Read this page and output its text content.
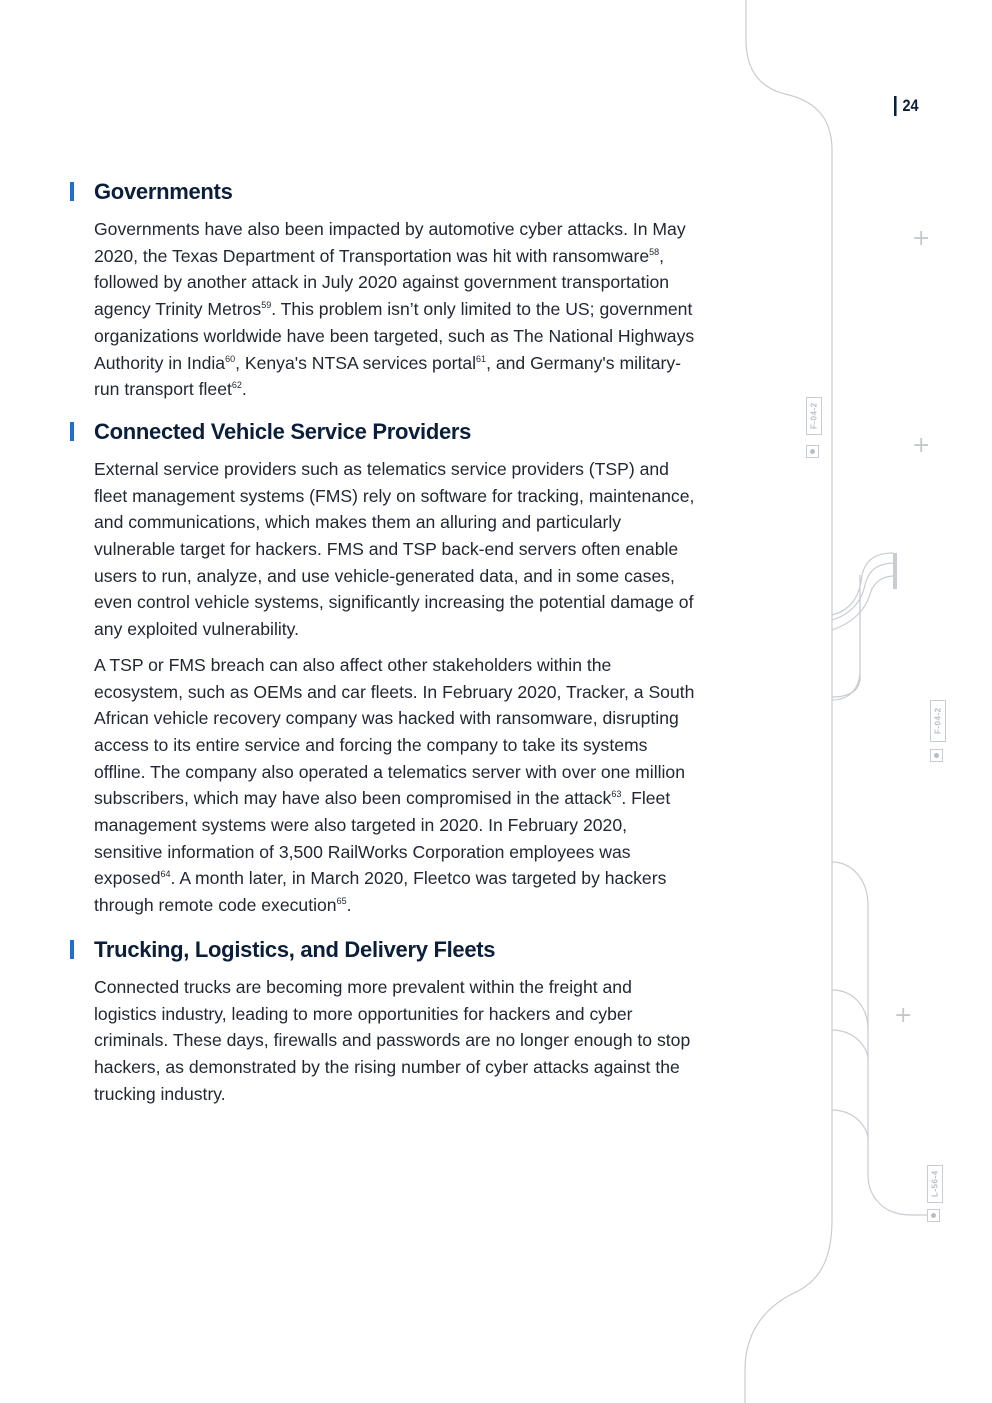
+
+
+
F-04-2
F-04-2
L-56-4
24
Governments

Governments have also been impacted by automotive cyber attacks. In May 2020, the Texas Department of Transportation was hit with ransomware$^{58}$, followed by another attack in July 2020 against government transportation agency Trinity Metros$^{59}$. This problem isn’t only limited to the US; government organizations worldwide have been targeted, such as The National Highways Authority in India$^{60}$, Kenya's NTSA services portal$^{61}$, and Germany's military-run transport fleet$^{62}$.

Connected Vehicle Service Providers

External service providers such as telematics service providers (TSP) and fleet management systems (FMS) rely on software for tracking, maintenance, and communications, which makes them an alluring and particularly vulnerable target for hackers. FMS and TSP back-end servers often enable users to run, analyze, and use vehicle-generated data, and in some cases, even control vehicle systems, significantly increasing the potential damage of any exploited vulnerability.

A TSP or FMS breach can also affect other stakeholders within the ecosystem, such as OEMs and car fleets. In February 2020, Tracker, a South African vehicle recovery company was hacked with ransomware, disrupting access to its entire service and forcing the company to take its systems offline. The company also operated a telematics server with over one million subscribers, which may have also been compromised in the attack$^{63}$. Fleet management systems were also targeted in 2020. In February 2020, sensitive information of 3,500 RailWorks Corporation employees was exposed$^{64}$. A month later, in March 2020, Fleetco was targeted by hackers through remote code execution$^{65}$.

Trucking, Logistics, and Delivery Fleets

Connected trucks are becoming more prevalent within the freight and logistics industry, leading to more opportunities for hackers and cyber criminals. These days, firewalls and passwords are no longer enough to stop hackers, as demonstrated by the rising number of cyber attacks against the trucking industry.
